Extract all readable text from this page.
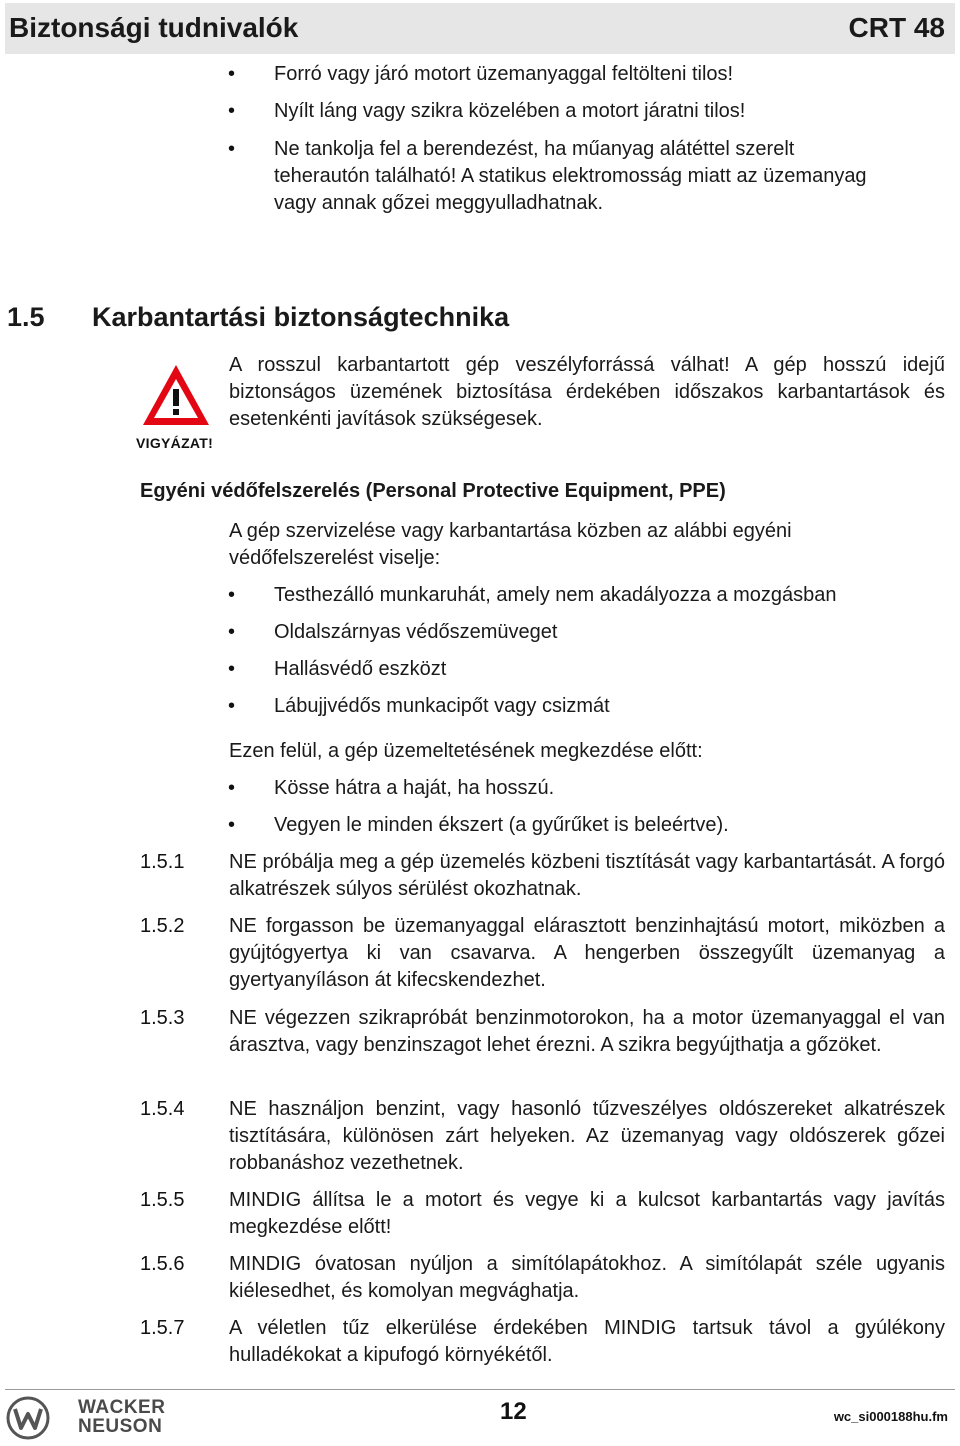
Biztonsági tudnivalók	CRT 48
• Forró vagy járó motort üzemanyaggal feltölteni tilos!
• Nyílt láng vagy szikra közelében a motort járatni tilos!
• Ne tankolja fel a berendezést, ha műanyag alátéttel szerelt teherautón található! A statikus elektromosság miatt az üzemanyag vagy annak gőzei meggyulladhatnak.
1.5 Karbantartási biztonságtechnika
VIGYÁZAT!
A rosszul karbantartott gép veszélyforrássá válhat! A gép hosszú idejű biztonságos üzemének biztosítása érdekében időszakos karbantartások és esetenkénti javítások szükségesek.
Egyéni védőfelszerelés (Personal Protective Equipment, PPE)
A gép szervizelése vagy karbantartása közben az alábbi egyéni védőfelszerelést viselje:
• Testhezálló munkaruhát, amely nem akadályozza a mozgásban
• Oldalszárnyas védőszemüveget
• Hallásvédő eszközt
• Lábujjvédős munkacipőt vagy csizmát
Ezen felül, a gép üzemeltetésének megkezdése előtt:
• Kösse hátra a haját, ha hosszú.
• Vegyen le minden ékszert (a gyűrűket is beleértve).
1.5.1 NE próbálja meg a gép üzemelés közbeni tisztítását vagy karbantartását. A forgó alkatrészek súlyos sérülést okozhatnak.
1.5.2 NE forgasson be üzemanyaggal elárasztott benzinhajtású motort, miközben a gyújtógyertya ki van csavarva. A hengerben összegyűlt üzemanyag a gyertyanyíláson át kifecskendezhet.
1.5.3 NE végezzen szikrapróbát benzinmotorokon, ha a motor üzemanyaggal el van árasztva, vagy benzinszagot lehet érezni. A szikra begyújthatja a gőzöket.
1.5.4 NE használjon benzint, vagy hasonló tűzveszélyes oldószereket alkatrészek tisztítására, különösen zárt helyeken. Az üzemanyag vagy oldószerek gőzei robbanáshoz vezethetnek.
1.5.5 MINDIG állítsa le a motort és vegye ki a kulcsot karbantartás vagy javítás megkezdése előtt!
1.5.6 MINDIG óvatosan nyúljon a simítólapátokhoz. A simítólapát széle ugyanis kiélesedhet, és komolyan megvághatja.
1.5.7 A véletlen tűz elkerülése érdekében MINDIG tartsuk távol a gyúlékony hulladékokat a kipufogó környékétől.
WACKER
NEUSON
12	wc_si000188hu.fm
